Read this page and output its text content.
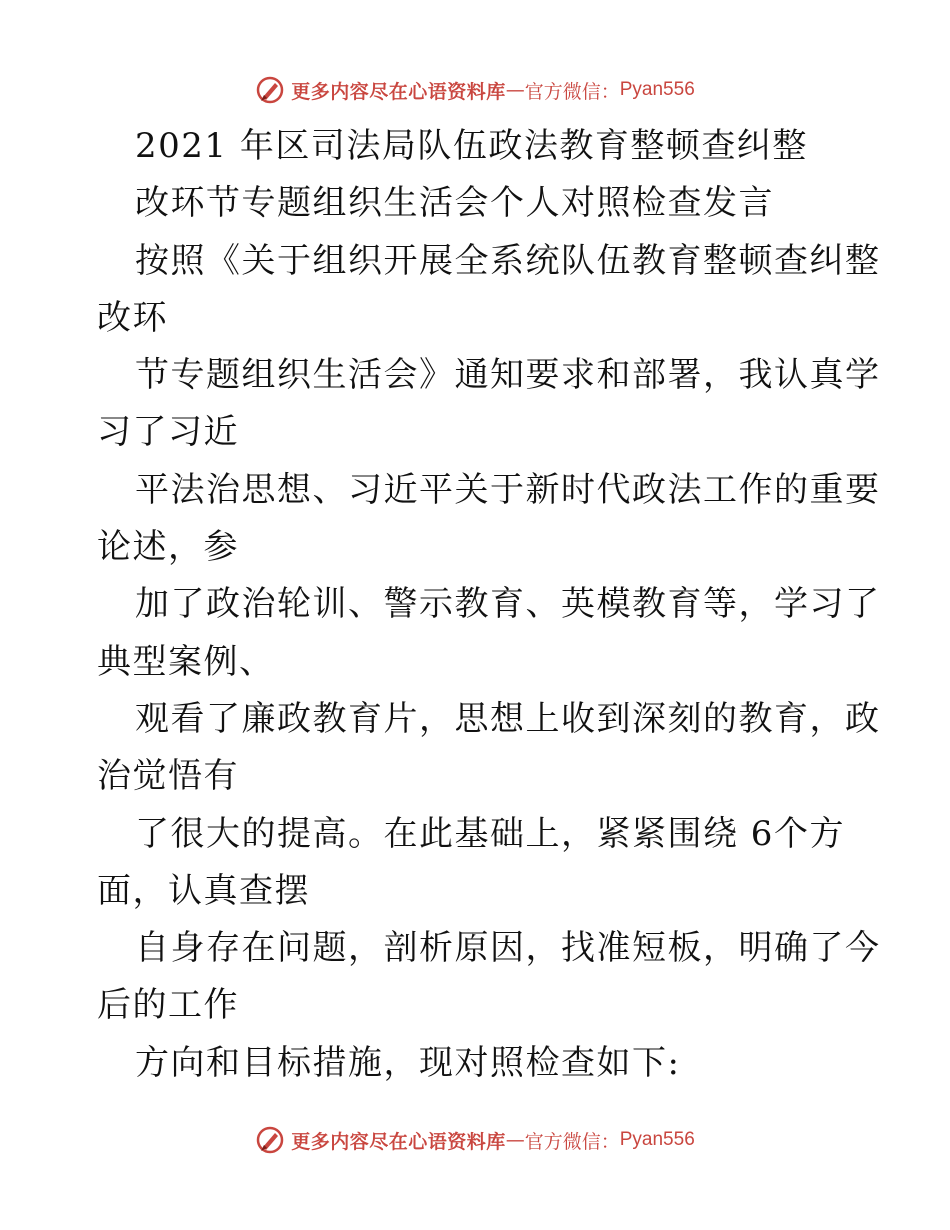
更多内容尽在心语资料库 — 官方微信： Pyan556
2021 年区司法局队伍政法教育整顿查纠整
改环节专题组织生活会个人对照检查发言
按照《关于组织开展全系统队伍教育整顿查纠整
改环
节专题组织生活会》通知要求和部署，我认真学
习了习近
平法治思想、习近平关于新时代政法工作的重要
论述，参
加了政治轮训、警示教育、英模教育等，学习了
典型案例、
观看了廉政教育片，思想上收到深刻的教育，政
治觉悟有
了很大的提高。在此基础上，紧紧围绕 6个方
面，认真查摆
自身存在问题，剖析原因，找准短板，明确了今
后的工作
方向和目标措施，现对照检查如下:
更多内容尽在心语资料库 — 官方微信： Pyan556
